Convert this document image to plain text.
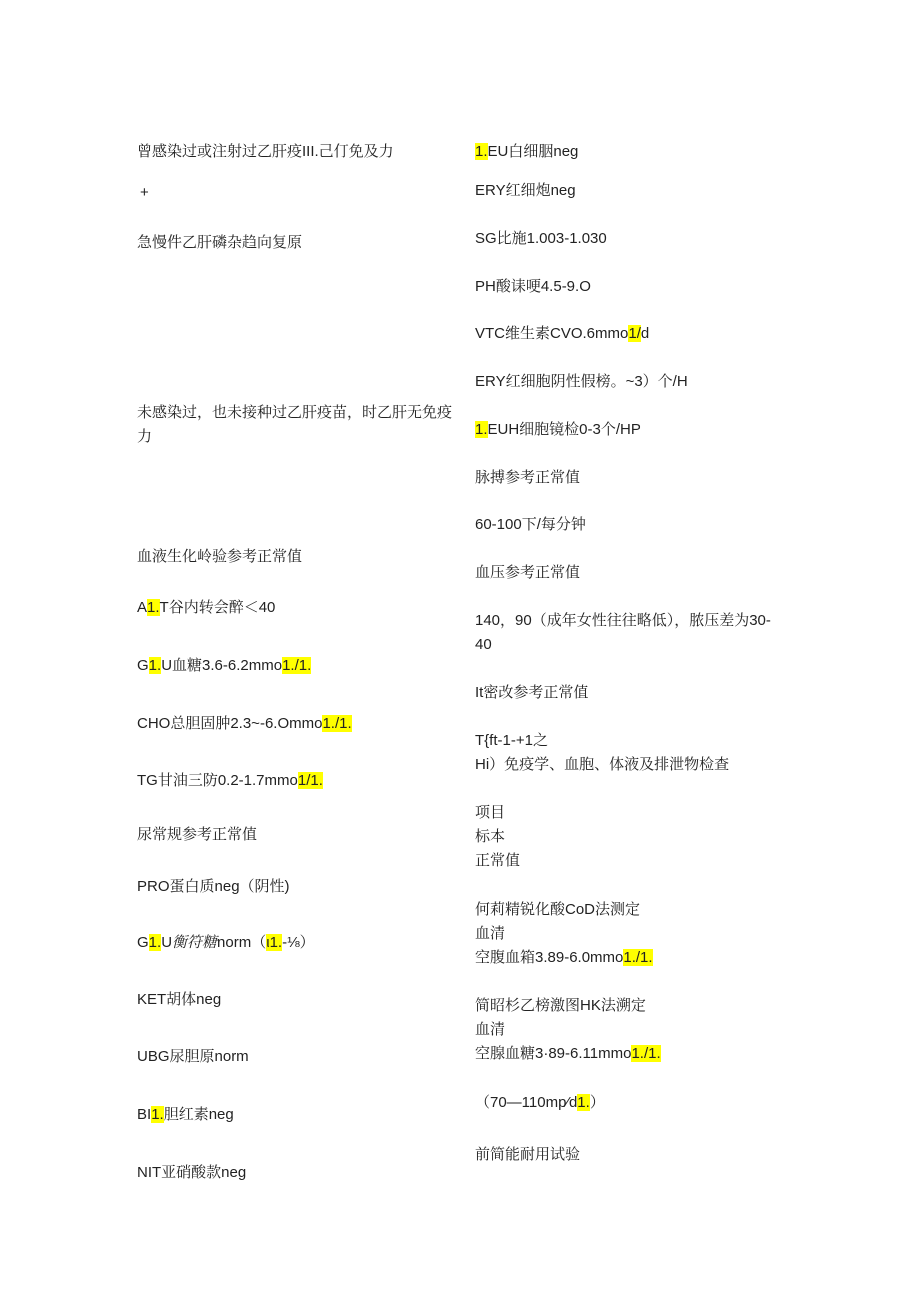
曾感染过或注射过乙肝疫III.己仃免及力
+
急慢件乙肝磷杂趋向复原
未感染过，也未接种过乙肝疫苗，时乙肝无免疫
力
血液生化岭验参考正常值
A1.T谷内转会醉＜40
G1.U血糖3.6-6.2mmo1./1.
CHO总胆固肿2.3~-6.Ommo1./1.
TG甘油三防0.2-1.7mmo1/1.
尿常规参考正常值
PRO蛋白质neg（阴性)
G1.U衡符糖norm（ι1.-⅛）
KET胡体neg
UBG尿胆原norm
BI1.胆红素neg
NIT亚硝酸款neg
1.EU白细胭neg
ERY红细炮neg
SG比施1.003-1.030
PH酸诔哽4.5-9.O
VTC维生素CVO.6mmo1/d
ERY红细胞阴性假榜。~3）个/H
1.EUH细胞镜检0-3个/HP
脉搏参考正常值
60-100下/每分钟
血压参考正常值
140，90（成年女性往往略低），脓压差为30-
40
It密改参考正常值
T{ft-1-+1之
Hi）免疫学、血胞、体液及排泄物检查
项目
标本
正常值
何莉精锐化酸CoD法测定
血清
空腹血箱3.89-6.0mmo1./1.
简昭杉乙榜激图HK法溯定
血清
空腺血糖3·89-6.11mmo1./1.
（70—110mp⁄d1.）
前简能耐用试验
